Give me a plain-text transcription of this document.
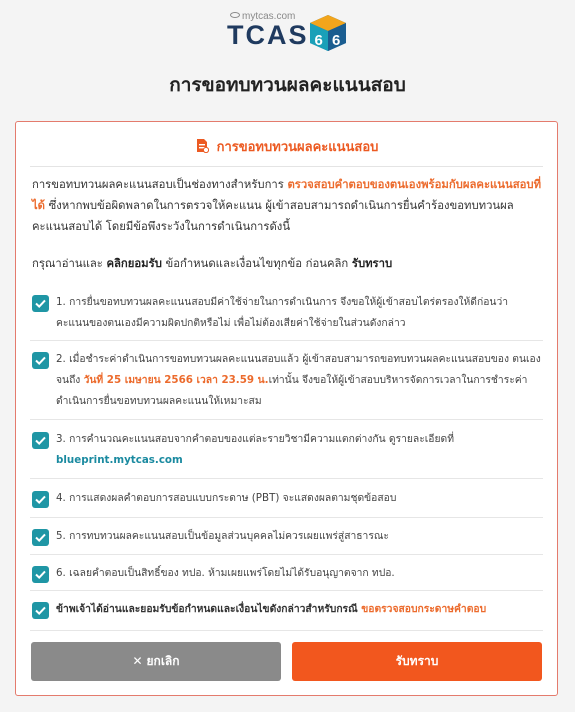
mytcas.com
TCAS 6 6
การขอทบทวนผลคะแนนสอบ
การขอทบทวนผลคะแนนสอบ
การขอทบทวนผลคะแนนสอบเป็นช่องทางสำหรับการ ตรวจสอบคำตอบของตนเองพร้อมกับผลคะแนนสอบที่ได้ ซึ่งหากพบข้อผิดพลาดในการตรวจให้คะแนน ผู้เข้าสอบสามารถดำเนินการยื่นคำร้องขอทบทวนผลคะแนนสอบได้ โดยมีข้อพึงระวังในการดำเนินการดังนี้
กรุณาอ่านและ คลิกยอมรับ ข้อกำหนดและเงื่อนไขทุกข้อ ก่อนคลิก รับทราบ
1. การยื่นขอทบทวนผลคะแนนสอบมีค่าใช้จ่ายในการดำเนินการ จึงขอให้ผู้เข้าสอบไตร่ตรองให้ดีก่อนว่า คะแนนของตนเองมีความผิดปกติหรือไม่ เพื่อไม่ต้องเสียค่าใช้จ่ายในส่วนดังกล่าว
2. เมื่อชำระค่าดำเนินการขอทบทวนผลคะแนนสอบแล้ว ผู้เข้าสอบสามารถขอทบทวนผลคะแนนสอบของ ตนเอง จนถึง วันที่ 25 เมษายน 2566 เวลา 23.59 น.เท่านั้น จึงขอให้ผู้เข้าสอบบริหารจัดการเวลาในการชำระค่าดำเนินการยื่นขอทบทวนผลคะแนนให้เหมาะสม
3. การคำนวณคะแนนสอบจากคำตอบของแต่ละรายวิชามีความแตกต่างกัน ดูรายละเอียดที่
blueprint.mytcas.com
4. การแสดงผลคำตอบการสอบแบบกระดาษ (PBT) จะแสดงผลตามชุดข้อสอบ
5. การทบทวนผลคะแนนสอบเป็นข้อมูลส่วนบุคคลไม่ควรเผยแพร่สู่สาธารณะ
6. เฉลยคำตอบเป็นสิทธิ์ของ ทปอ. ห้ามเผยแพร่โดยไม่ได้รับอนุญาตจาก ทปอ.
ข้าพเจ้าได้อ่านและยอมรับข้อกำหนดและเงื่อนไขดังกล่าวสำหรับกรณี ขอตรวจสอบกระดาษคำตอบ
✕ ยกเลิก	รับทราบ
